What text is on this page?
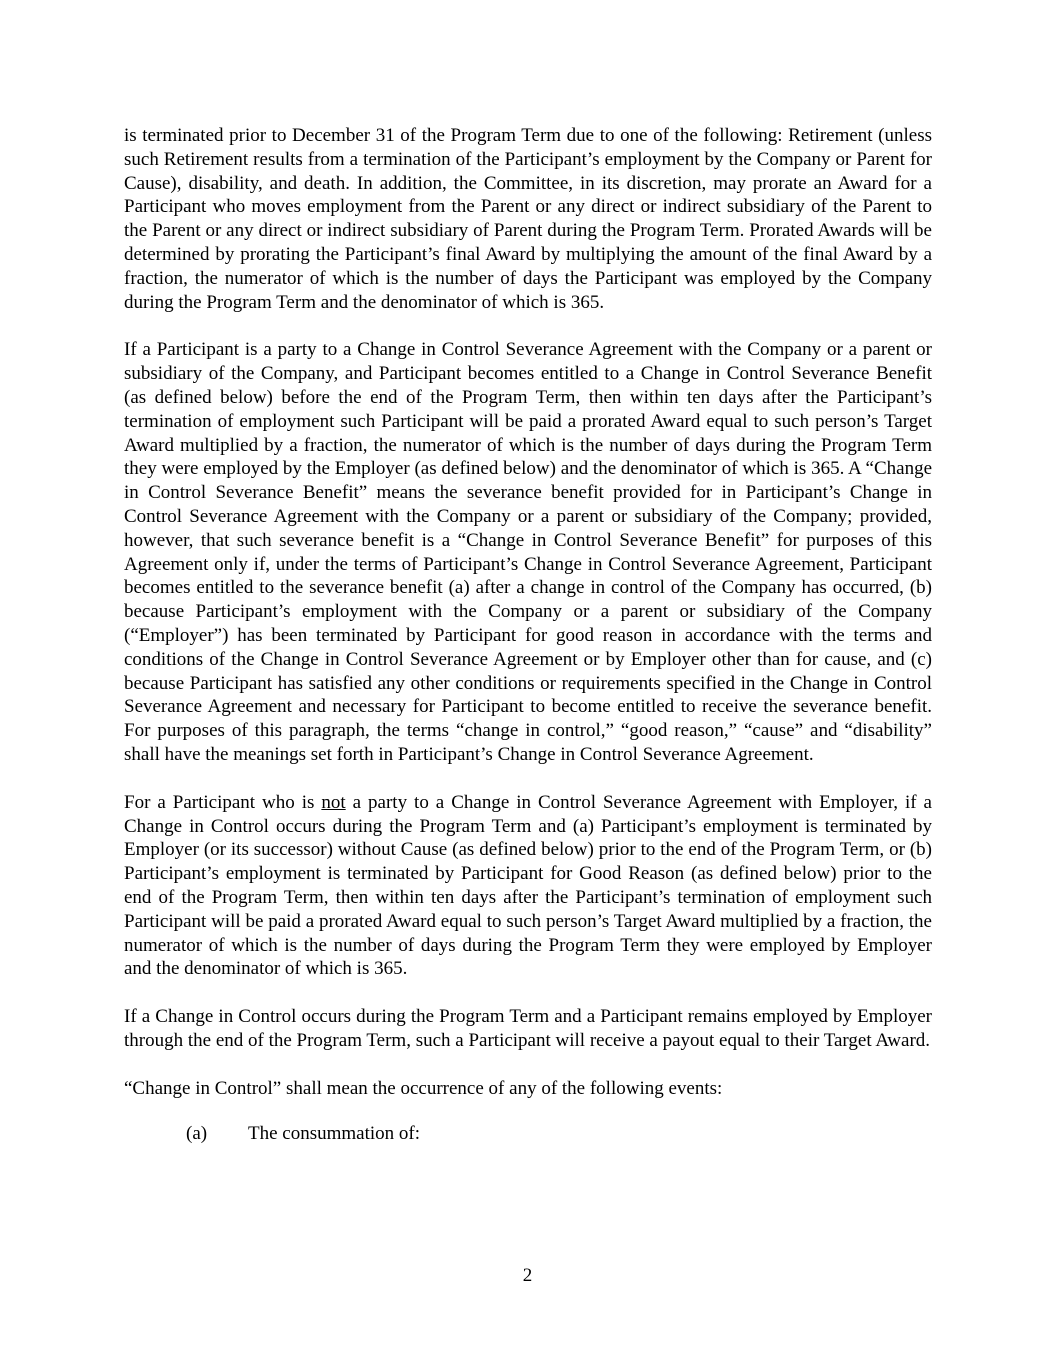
is terminated prior to December 31 of the Program Term due to one of the following: Retirement (unless such Retirement results from a termination of the Participant’s employment by the Company or Parent for Cause), disability, and death. In addition, the Committee, in its discretion, may prorate an Award for a Participant who moves employment from the Parent or any direct or indirect subsidiary of the Parent to the Parent or any direct or indirect subsidiary of Parent during the Program Term. Prorated Awards will be determined by prorating the Participant’s final Award by multiplying the amount of the final Award by a fraction, the numerator of which is the number of days the Participant was employed by the Company during the Program Term and the denominator of which is 365.

If a Participant is a party to a Change in Control Severance Agreement with the Company or a parent or subsidiary of the Company, and Participant becomes entitled to a Change in Control Severance Benefit (as defined below) before the end of the Program Term, then within ten days after the Participant’s termination of employment such Participant will be paid a prorated Award equal to such person’s Target Award multiplied by a fraction, the numerator of which is the number of days during the Program Term they were employed by the Employer (as defined below) and the denominator of which is 365. A “Change in Control Severance Benefit” means the severance benefit provided for in Participant’s Change in Control Severance Agreement with the Company or a parent or subsidiary of the Company; provided, however, that such severance benefit is a “Change in Control Severance Benefit” for purposes of this Agreement only if, under the terms of Participant’s Change in Control Severance Agreement, Participant becomes entitled to the severance benefit (a) after a change in control of the Company has occurred, (b) because Participant’s employment with the Company or a parent or subsidiary of the Company (“Employer”) has been terminated by Participant for good reason in accordance with the terms and conditions of the Change in Control Severance Agreement or by Employer other than for cause, and (c) because Participant has satisfied any other conditions or requirements specified in the Change in Control Severance Agreement and necessary for Participant to become entitled to receive the severance benefit. For purposes of this paragraph, the terms “change in control,” “good reason,” “cause” and “disability” shall have the meanings set forth in Participant’s Change in Control Severance Agreement.

For a Participant who is not a party to a Change in Control Severance Agreement with Employer, if a Change in Control occurs during the Program Term and (a) Participant’s employment is terminated by Employer (or its successor) without Cause (as defined below) prior to the end of the Program Term, or (b) Participant’s employment is terminated by Participant for Good Reason (as defined below) prior to the end of the Program Term, then within ten days after the Participant’s termination of employment such Participant will be paid a prorated Award equal to such person’s Target Award multiplied by a fraction, the numerator of which is the number of days during the Program Term they were employed by Employer and the denominator of which is 365.

If a Change in Control occurs during the Program Term and a Participant remains employed by Employer through the end of the Program Term, such a Participant will receive a payout equal to their Target Award.

“Change in Control” shall mean the occurrence of any of the following events:

(a) The consummation of:

2
